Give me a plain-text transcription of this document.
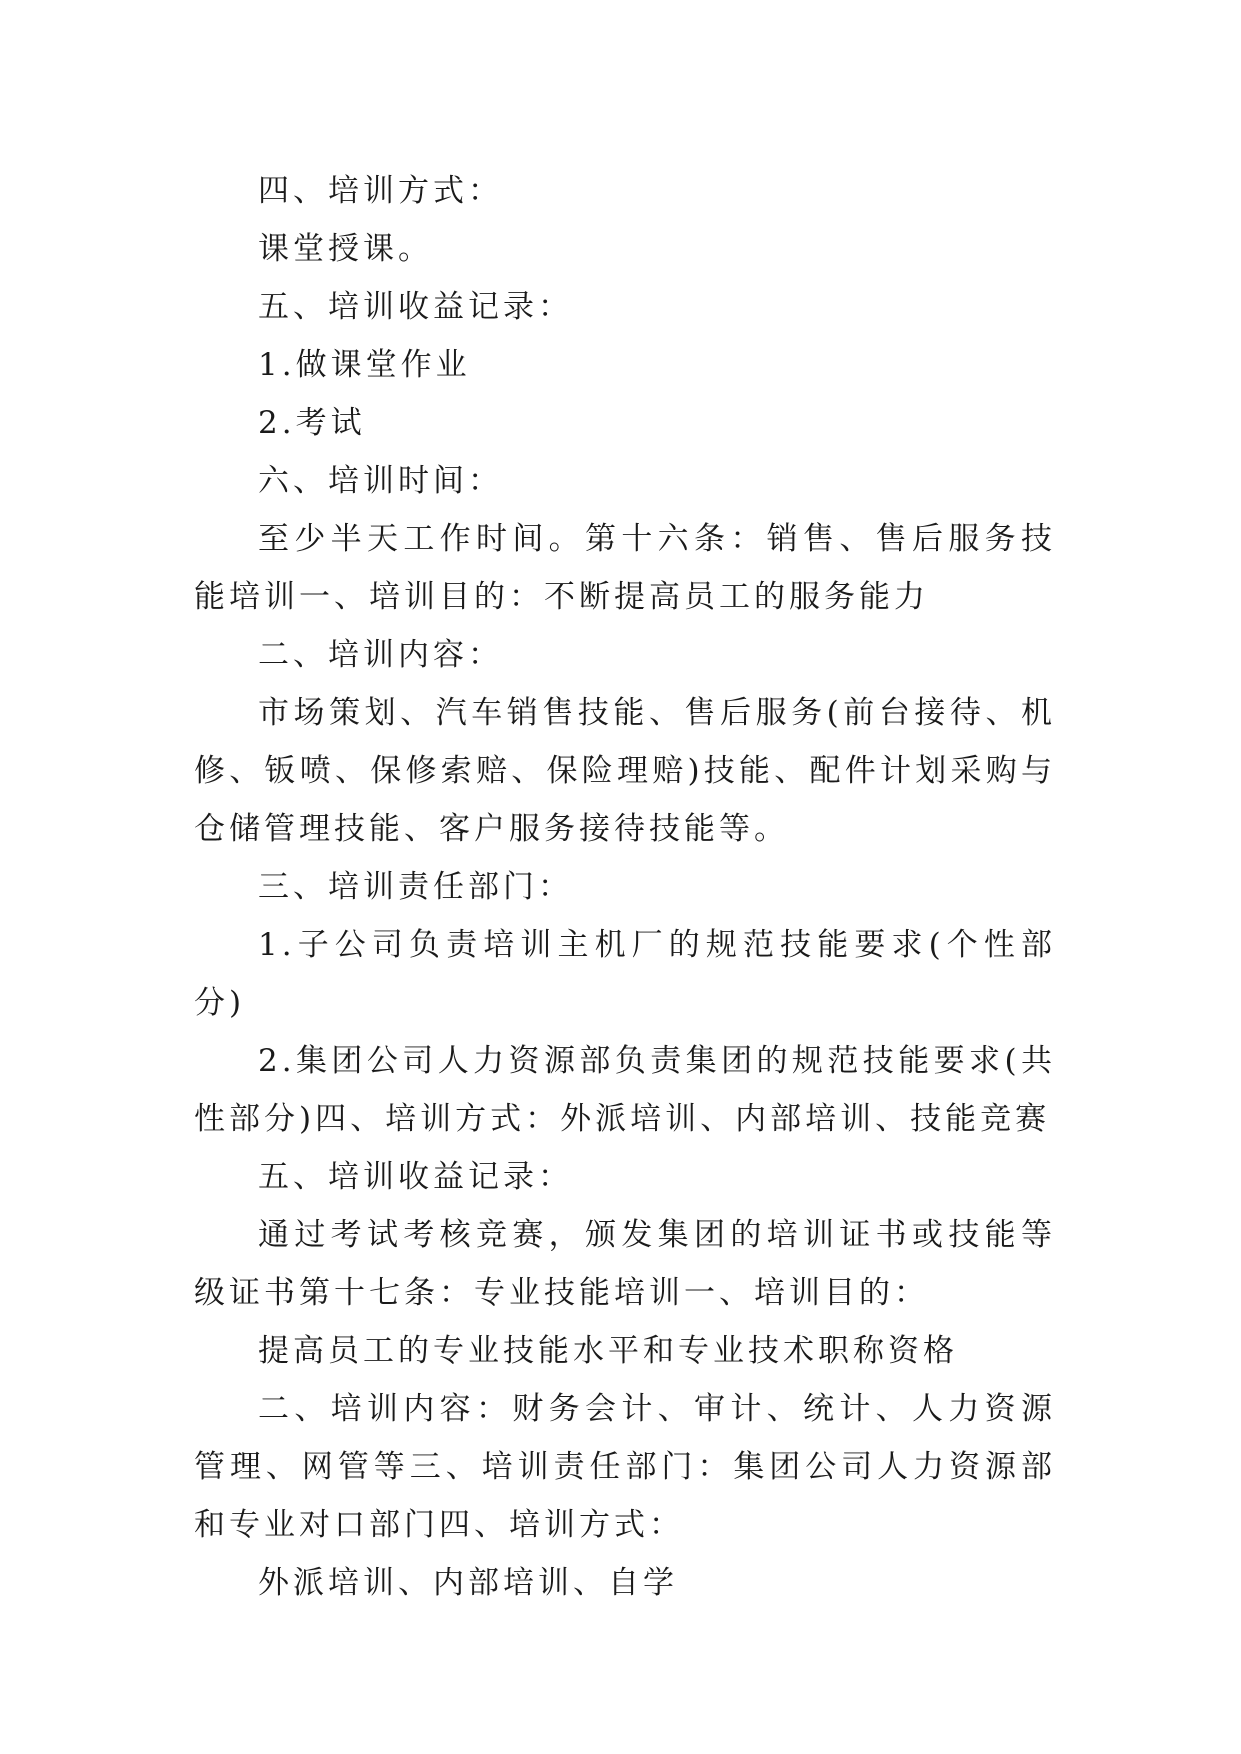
四、培训方式：

课堂授课。

五、培训收益记录：

1.做课堂作业

2.考试

六、培训时间：

至少半天工作时间。第十六条：销售、售后服务技能培训一、培训目的：不断提高员工的服务能力

二、培训内容：

市场策划、汽车销售技能、售后服务(前台接待、机修、钣喷、保修索赔、保险理赔)技能、配件计划采购与仓储管理技能、客户服务接待技能等。

三、培训责任部门：

1.子公司负责培训主机厂的规范技能要求(个性部分)

2.集团公司人力资源部负责集团的规范技能要求(共性部分)四、培训方式：外派培训、内部培训、技能竞赛

五、培训收益记录：

通过考试考核竞赛，颁发集团的培训证书或技能等级证书第十七条：专业技能培训一、培训目的：

提高员工的专业技能水平和专业技术职称资格

二、培训内容：财务会计、审计、统计、人力资源管理、网管等三、培训责任部门：集团公司人力资源部和专业对口部门四、培训方式：

外派培训、内部培训、自学
